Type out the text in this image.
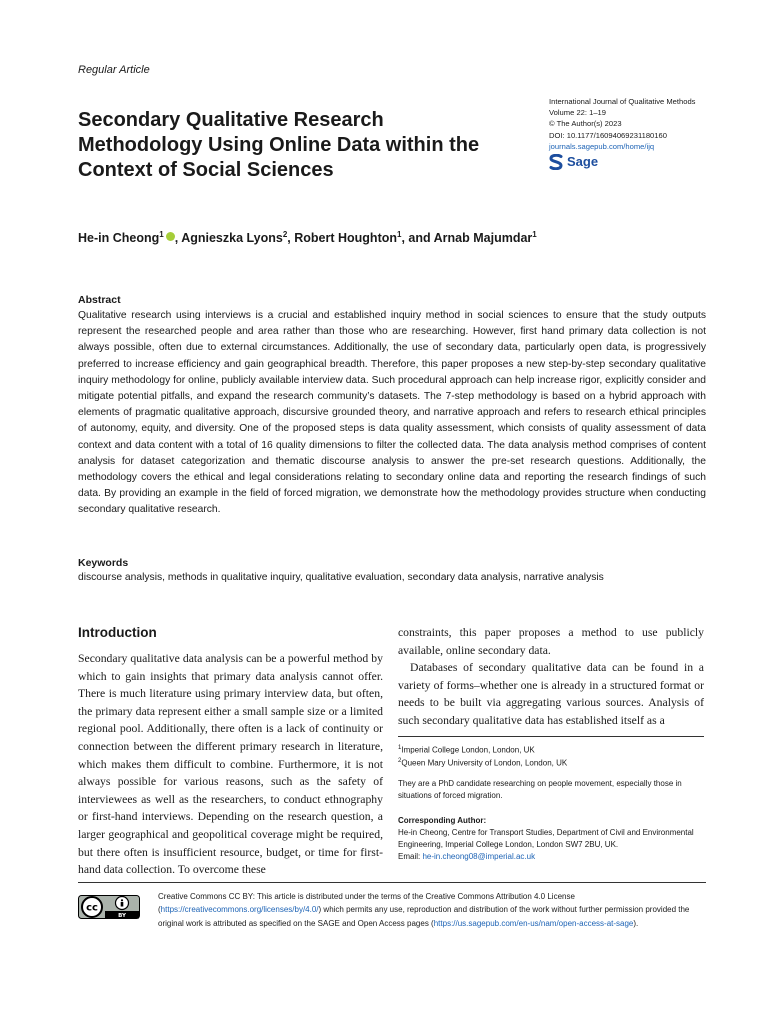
Regular Article
Secondary Qualitative Research
Methodology Using Online Data within the
Context of Social Sciences
International Journal of Qualitative Methods
Volume 22: 1–19
© The Author(s) 2023
DOI: 10.1177/16094069231180160
journals.sagepub.com/home/ijq
Sage
He-in Cheong$^1$ , Agnieszka Lyons$^2$, Robert Houghton$^1$, and Arnab Majumdar$^1$
Abstract

Qualitative research using interviews is a crucial and established inquiry method in social sciences to ensure that the study outputs represent the researched people and area rather than those who are researching. However, first hand primary data collection is not always possible, often due to external circumstances. Additionally, the use of secondary data, particularly open data, is progressively preferred to increase efficiency and gain geographical breadth. Therefore, this paper proposes a new step-by-step secondary qualitative inquiry methodology for online, publicly available interview data. Such procedural approach can help increase rigor, explicitly consider and mitigate potential pitfalls, and expand the research community’s datasets. The 7-step methodology is based on a hybrid approach with elements of pragmatic qualitative approach, discursive grounded theory, and narrative approach and refers to research ethical principles of autonomy, equity, and diversity. One of the proposed steps is data quality assessment, which consists of quality assessment of data context and data content with a total of 16 quality dimensions to filter the collected data. The data analysis method comprises of content analysis for dataset categorization and thematic discourse analysis to answer the pre-set research questions. Additionally, the methodology covers the ethical and legal considerations relating to secondary online data and reporting the research findings of such data. By providing an example in the field of forced migration, we demonstrate how the methodology provides structure when conducting secondary qualitative research.

Keywords
discourse analysis, methods in qualitative inquiry, qualitative evaluation, secondary data analysis, narrative analysis
Introduction

Secondary qualitative data analysis can be a powerful method by which to gain insights that primary data analysis cannot offer. There is much literature using primary interview data, but often, the primary data represent either a small sample size or a limited regional pool. Additionally, there often is a lack of continuity or connection between the different primary research in literature, which makes them difficult to combine. Furthermore, it is not always possible for various reasons, such as the safety of interviewees as well as the researchers, to conduct ethnography or first-hand interviews. Depending on the research question, a larger geographical and geopolitical coverage might be required, but there often is insufficient resource, budget, or time for first-hand data collection. To overcome these

constraints, this paper proposes a method to use publicly available, online secondary data.

Databases of secondary qualitative data can be found in a variety of forms–whether one is already in a structured format or needs to be built via aggregating various sources. Analysis of such secondary qualitative data has established itself as a

$^1$Imperial College London, London, UK
$^2$Queen Mary University of London, London, UK
They are a PhD candidate researching on people movement, especially those in situations of forced migration.
Corresponding Author:
He-in Cheong, Centre for Transport Studies, Department of Civil and Environmental Engineering, Imperial College London, London SW7 2BU, UK.
Email: he-in.cheong08@imperial.ac.uk
cc
BY

Creative Commons CC BY: This article is distributed under the terms of the Creative Commons Attribution 4.0 License (https://creativecommons.org/licenses/by/4.0/) which permits any use, reproduction and distribution of the work without further permission provided the original work is attributed as specified on the SAGE and Open Access pages (https://us.sagepub.com/en-us/nam/open-access-at-sage).
